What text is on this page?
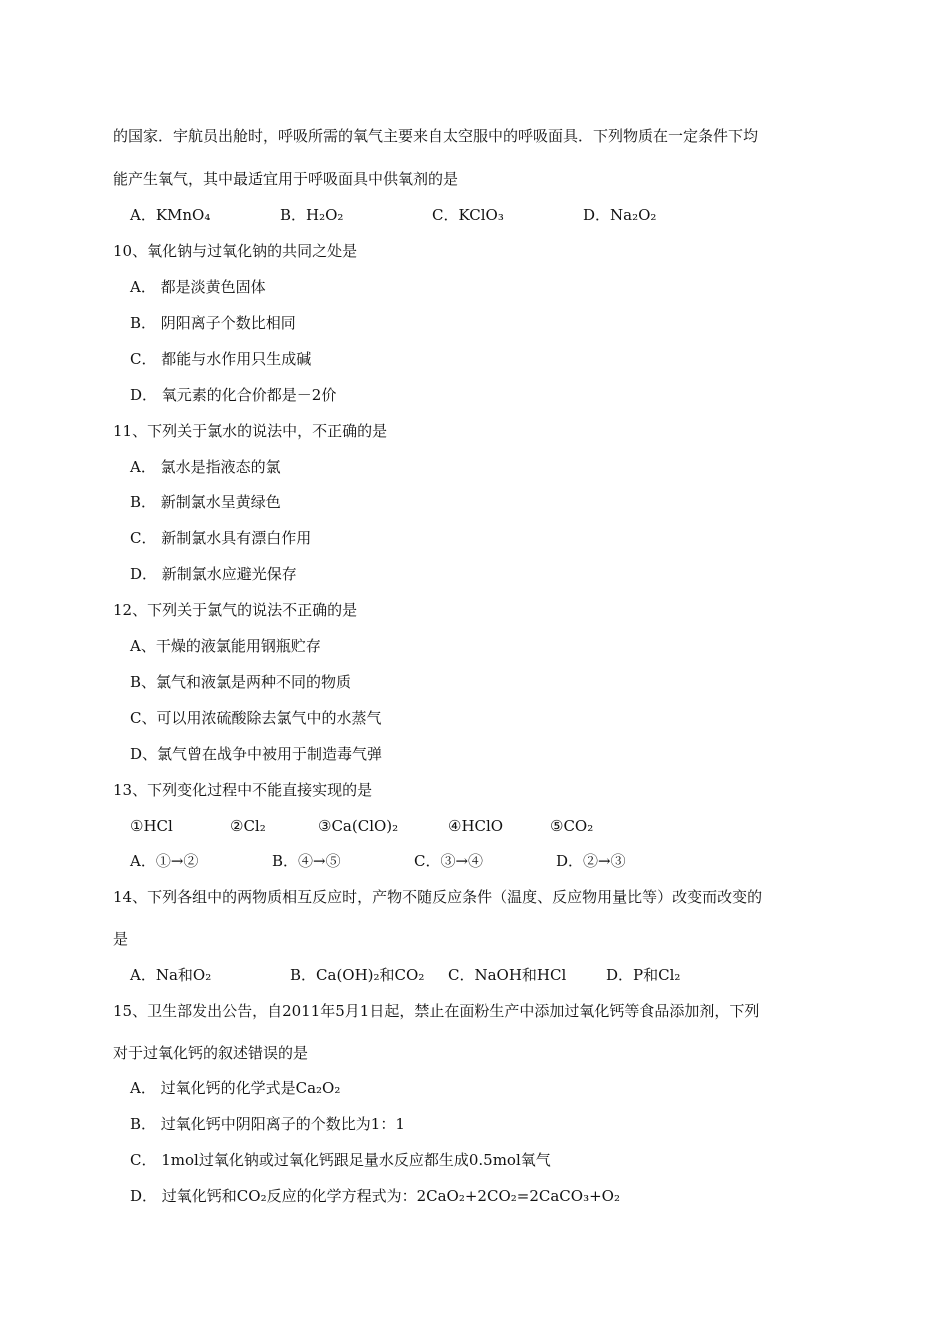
的国家．宇航员出舱时，呼吸所需的氧气主要来自太空服中的呼吸面具．下列物质在一定条件下均
能产生氧气，其中最适宜用于呼吸面具中供氧剂的是
A．KMnO₄	B．H₂O₂	C．KClO₃	D．Na₂O₂
10、氧化钠与过氧化钠的共同之处是
A． 都是淡黄色固体
B． 阴阳离子个数比相同
C． 都能与水作用只生成碱
D． 氧元素的化合价都是－2价
11、下列关于氯水的说法中，不正确的是
A． 氯水是指液态的氯
B． 新制氯水呈黄绿色
C． 新制氯水具有漂白作用
D． 新制氯水应避光保存
12、下列关于氯气的说法不正确的是
A、干燥的液氯能用钢瓶贮存
B、氯气和液氯是两种不同的物质
C、可以用浓硫酸除去氯气中的水蒸气
D、氯气曾在战争中被用于制造毒气弹
13、下列变化过程中不能直接实现的是
①HCl	②Cl₂	③Ca(ClO)₂	④HClO	⑤CO₂
A．①→②	B．④→⑤	C．③→④	D．②→③
14、下列各组中的两物质相互反应时，产物不随反应条件（温度、反应物用量比等）改变而改变的
是
A．Na和O₂	B．Ca(OH)₂和CO₂ C．NaOH和HCl	D．P和Cl₂
15、卫生部发出公告，自2011年5月1日起，禁止在面粉生产中添加过氧化钙等食品添加剂，下列
对于过氧化钙的叙述错误的是
A． 过氧化钙的化学式是Ca₂O₂
B． 过氧化钙中阴阳离子的个数比为1：1
C． 1mol过氧化钠或过氧化钙跟足量水反应都生成0.5mol氧气
D． 过氧化钙和CO₂反应的化学方程式为：2CaO₂+2CO₂=2CaCO₃+O₂
